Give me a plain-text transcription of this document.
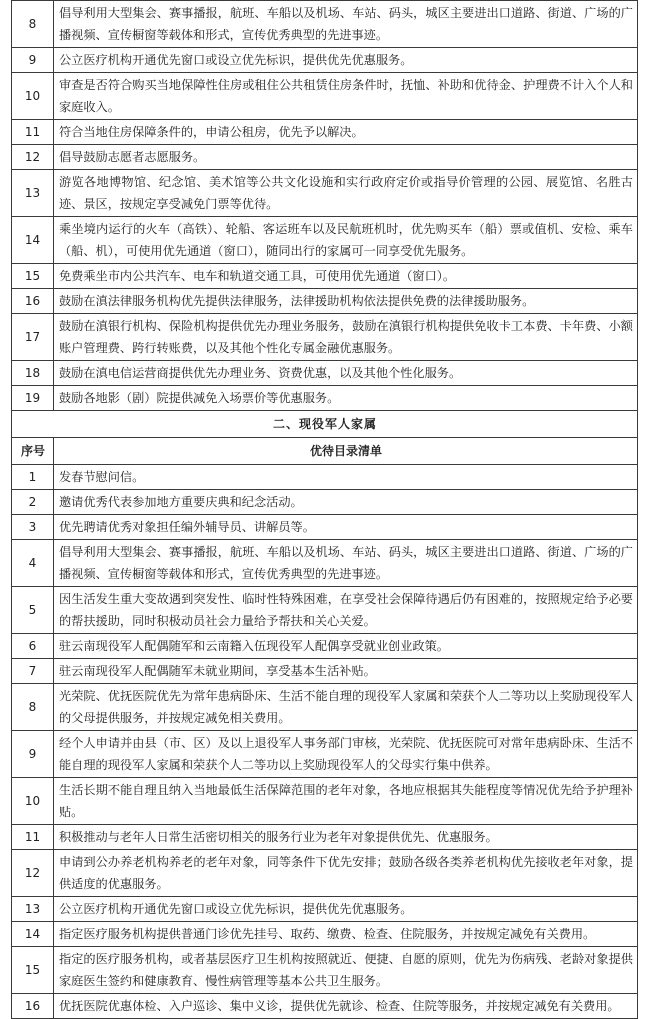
8	倡导利用大型集会、赛事播报，航班、车船以及机场、车站、码头，城区主要进出口道路、街道、广场的广播视频、宣传橱窗等载体和形式，宣传优秀典型的先进事迹。
9	公立医疗机构开通优先窗口或设立优先标识，提供优先优惠服务。
10	审查是否符合购买当地保障性住房或租住公共租赁住房条件时，抚恤、补助和优待金、护理费不计入个人和家庭收入。
11	符合当地住房保障条件的，申请公租房，优先予以解决。
12	倡导鼓励志愿者志愿服务。
13	游览各地博物馆、纪念馆、美术馆等公共文化设施和实行政府定价或指导价管理的公园、展览馆、名胜古迹、景区，按规定享受减免门票等优待。
14	乘坐境内运行的火车（高铁）、轮船、客运班车以及民航班机时，优先购买车（船）票或值机、安检、乘车（船、机），可使用优先通道（窗口），随同出行的家属可一同享受优先服务。
15	免费乘坐市内公共汽车、电车和轨道交通工具，可使用优先通道（窗口）。
16	鼓励在滇法律服务机构优先提供法律服务，法律援助机构依法提供免费的法律援助服务。
17	鼓励在滇银行机构、保险机构提供优先办理业务服务，鼓励在滇银行机构提供免收卡工本费、卡年费、小额账户管理费、跨行转账费，以及其他个性化专属金融优惠服务。
18	鼓励在滇电信运营商提供优先办理业务、资费优惠，以及其他个性化服务。
19	鼓励各地影（剧）院提供减免入场票价等优惠服务。
二、现役军人家属	
序号	优待目录清单
1	发春节慰问信。
2	邀请优秀代表参加地方重要庆典和纪念活动。
3	优先聘请优秀对象担任编外辅导员、讲解员等。
4	倡导利用大型集会、赛事播报，航班、车船以及机场、车站、码头，城区主要进出口道路、街道、广场的广播视频、宣传橱窗等载体和形式，宣传优秀典型的先进事迹。
5	因生活发生重大变故遇到突发性、临时性特殊困难，在享受社会保障待遇后仍有困难的，按照规定给予必要的帮扶援助，同时积极动员社会力量给予帮扶和关心关爱。
6	驻云南现役军人配偶随军和云南籍入伍现役军人配偶享受就业创业政策。
7	驻云南现役军人配偶随军未就业期间，享受基本生活补贴。
8	光荣院、优抚医院优先为常年患病卧床、生活不能自理的现役军人家属和荣获个人二等功以上奖励现役军人的父母提供服务，并按规定减免相关费用。
9	经个人申请并由县（市、区）及以上退役军人事务部门审核，光荣院、优抚医院可对常年患病卧床、生活不能自理的现役军人家属和荣获个人二等功以上奖励现役军人的父母实行集中供养。
10	生活长期不能自理且纳入当地最低生活保障范围的老年对象，各地应根据其失能程度等情况优先给予护理补贴。
11	积极推动与老年人日常生活密切相关的服务行业为老年对象提供优先、优惠服务。
12	申请到公办养老机构养老的老年对象，同等条件下优先安排；鼓励各级各类养老机构优先接收老年对象，提供适度的优惠服务。
13	公立医疗机构开通优先窗口或设立优先标识，提供优先优惠服务。
14	指定医疗服务机构提供普通门诊优先挂号、取药、缴费、检查、住院服务，并按规定减免有关费用。
15	指定的医疗服务机构，或者基层医疗卫生机构按照就近、便捷、自愿的原则，优先为伤病残、老龄对象提供家庭医生签约和健康教育、慢性病管理等基本公共卫生服务。
16	优抚医院优惠体检、入户巡诊、集中义诊，提供优先就诊、检查、住院等服务，并按规定减免有关费用。
